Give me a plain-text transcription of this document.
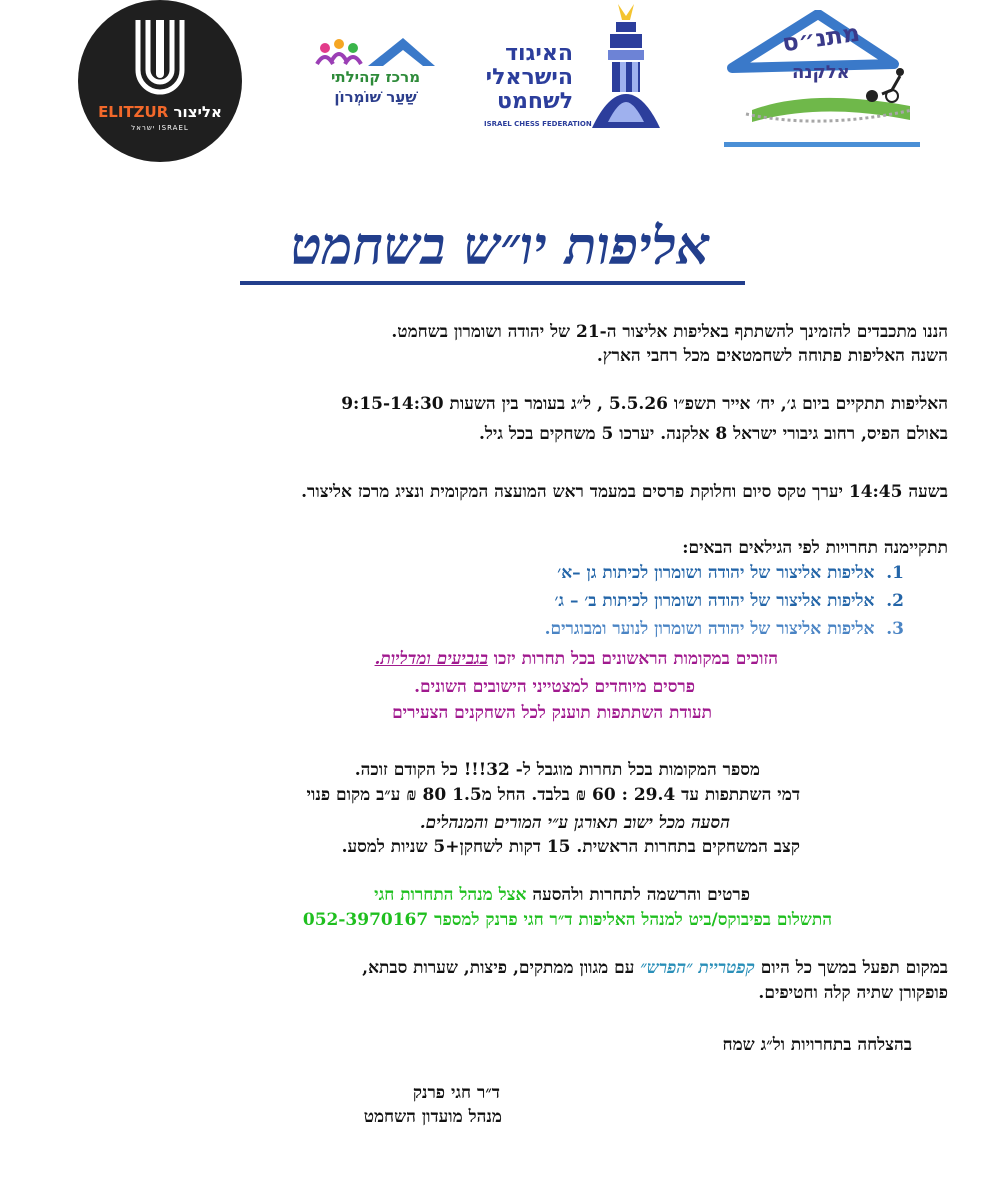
ELITZUR אליצור
ISRAEL ישראל
מרכז קהילתי
שַׁעַר שׁוֹמְרוֹן
האיגוד
הישראלי
לשחמט
ISRAEL CHESS FEDERATION
מתנ״ס
אלקנה
אליפות יו״ש בשחמט
הננו מתכבדים להזמינך להשתתף באליפות אליצור ה-21 של יהודה ושומרון בשחמט.
השנה האליפות פתוחה לשחמטאים מכל רחבי הארץ.
האליפות תתקיים ביום ג׳, יח׳ אייר תשפ״ו 5.5.26 , ל״ג בעומר בין השעות 9:15-14:30
באולם הפיס, רחוב גיבורי ישראל 8 אלקנה. יערכו 5 משחקים בכל גיל.
בשעה 14:45 יערך טקס סיום וחלוקת פרסים במעמד ראש המועצה המקומית ונציג מרכז אליצור.
תתקיימנה תחרויות לפי הגילאים הבאים:
1.  אליפות אליצור של יהודה ושומרון לכיתות גן –א׳
2.  אליפות אליצור של יהודה ושומרון לכיתות ב׳ – ג׳
3.  אליפות אליצור של יהודה ושומרון לנוער ומבוגרים.
הזוכים במקומות הראשונים בכל תחרות יזכו בגביעים ומדליות.
פרסים מיוחדים למצטייני הישובים השונים.
תעודת השתתפות תוענק לכל השחקנים הצעירים
מספר המקומות בכל תחרות מוגבל ל- 32!!! כל הקודם זוכה.
דמי השתתפות עד 29.4 : 60 ₪ בלבד. החל מ1.5 80 ₪ ע״ב מקום פנוי
הסעה מכל ישוב תאורגן ע״י המורים והמנהלים.
קצב המשחקים בתחרות הראשית. 15 דקות לשחקן+5 שניות למסע.
פרטים והרשמה לתחרות ולהסעה אצל מנהל התחרות חגי
התשלום בפיבוקס/ביט למנהל האליפות ד״ר חגי פרנק למספר 052-3970167
במקום תפעל במשך כל היום קפטריית ״הפרש״ עם מגוון ממתקים, פיצות, שערות סבתא,
פופקורן שתיה קלה וחטיפים.
בהצלחה בתחרויות ול״ג שמח
ד״ר חגי פרנק
מנהל מועדון השחמט
